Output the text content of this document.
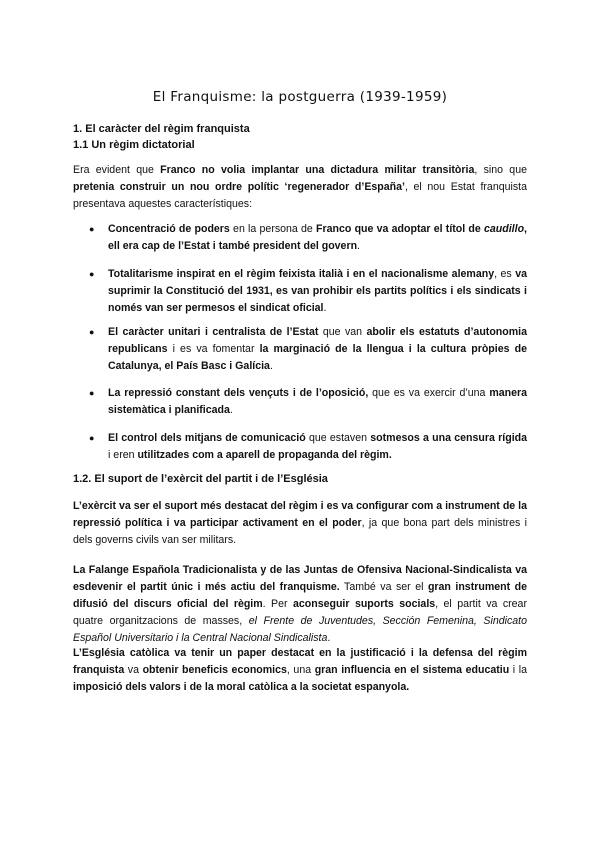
El Franquisme: la postguerra (1939-1959)
1. El caràcter del règim franquista
1.1 Un règim dictatorial

Era evident que Franco no volia implantar una dictadura militar transitòria, sino que pretenia construir un nou ordre polític ‘regenerador d’España’, el nou Estat franquista presentava aquestes característiques:

● Concentració de poders en la persona de Franco que va adoptar el títol de caudillo, ell era cap de l’Estat i també president del govern.

● Totalitarisme inspirat en el règim feixista italià i en el nacionalisme alemany, es va suprimir la Constitució del 1931, es van prohibir els partits polítics i els sindicats i només van ser permesos el sindicat oficial.

● El caràcter unitari i centralista de l’Estat que van abolir els estatuts d’autonomia republicans i es va fomentar la marginació de la llengua i la cultura pròpies de Catalunya, el País Basc i Galícia.

● La repressió constant dels vençuts i de l’oposició, que es va exercir d’una manera sistemàtica i planificada.

● El control dels mitjans de comunicació que estaven sotmesos a una censura rígida i eren utilitzades com a aparell de propaganda del règim.

1.2. El suport de l’exèrcit del partit i de l’Església

L’exèrcit va ser el suport més destacat del règim i es va configurar com a instrument de la repressió política i va participar activament en el poder, ja que bona part dels ministres i dels governs civils van ser militars.

La Falange Española Tradicionalista y de las Juntas de Ofensiva Nacional-Sindicalista va esdevenir el partit únic i més actiu del franquisme. També va ser el gran instrument de difusió del discurs oficial del règim. Per aconseguir suports socials, el partit va crear quatre organitzacions de masses, el Frente de Juventudes, Sección Femenina, Sindicato Español Universitario i la Central Nacional Sindicalista.

L’Església catòlica va tenir un paper destacat en la justificació i la defensa del règim franquista va obtenir beneficis economics, una gran influencia en el sistema educatiu i la imposició dels valors i de la moral catòlica a la societat espanyola.
